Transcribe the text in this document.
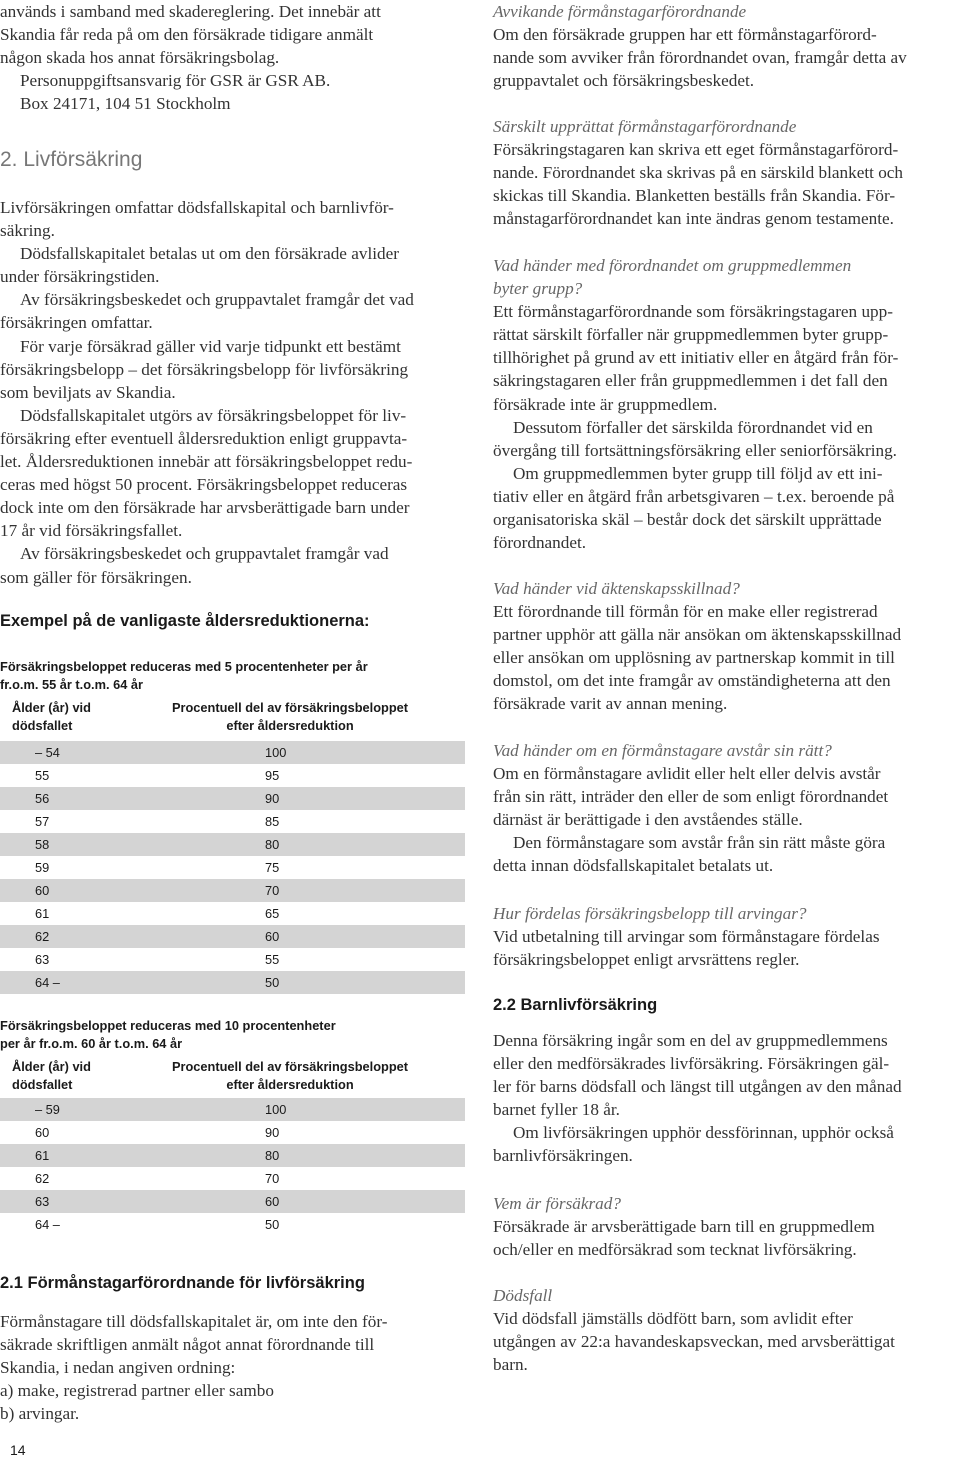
används i samband med skadereglering. Det innebär att
Skandia får reda på om den försäkrade tidigare anmält
någon skada hos annat försäkringsbolag.
Personuppgiftsansvarig för GSR är GSR AB.
Box 24171, 104 51 Stockholm
2. Livförsäkring
Livförsäkringen omfattar dödsfallskapital och barnlivför-
säkring.
Dödsfallskapitalet betalas ut om den försäkrade avlider
under försäkringstiden.
Av försäkringsbeskedet och gruppavtalet framgår det vad
försäkringen omfattar.
För varje försäkrad gäller vid varje tidpunkt ett bestämt
försäkringsbelopp – det försäkringsbelopp för livförsäkring
som beviljats av Skandia.
Dödsfallskapitalet utgörs av försäkringsbeloppet för liv-
försäkring efter eventuell åldersreduktion enligt gruppavta-
let. Åldersreduktionen innebär att försäkringsbeloppet redu-
ceras med högst 50 procent. Försäkringsbeloppet reduceras
dock inte om den försäkrade har arvsberättigade barn under
17 år vid försäkringsfallet.
Av försäkringsbeskedet och gruppavtalet framgår vad
som gäller för försäkringen.
Exempel på de vanligaste åldersreduktionerna:
Försäkringsbeloppet reduceras med 5 procentenheter per år
fr.o.m. 55 år t.o.m. 64 år
Ålder (år) vid
dödsfallet
Procentuell del av försäkringsbeloppet
efter åldersreduktion
– 54	100
55	95
56	90
57	85
58	80
59	75
60	70
61	65
62	60
63	55
64 –	50
Försäkringsbeloppet reduceras med 10 procentenheter
per år fr.o.m. 60 år t.o.m. 64 år
Ålder (år) vid
dödsfallet
Procentuell del av försäkringsbeloppet
efter åldersreduktion
– 59	100
60	90
61	80
62	70
63	60
64 –	50
2.1 Förmånstagarförordnande för livförsäkring
Förmånstagare till dödsfallskapitalet är, om inte den för-
säkrade skriftligen anmält något annat förordnande till
Skandia, i nedan angiven ordning:
a) make, registrerad partner eller sambo
b) arvingar.
Avvikande förmånstagarförordnande
Om den försäkrade gruppen har ett förmånstagarförord-
nande som avviker från förordnandet ovan, framgår detta av
gruppavtalet och försäkringsbeskedet.
Särskilt upprättat förmånstagarförordnande
Försäkringstagaren kan skriva ett eget förmånstagarförord-
nande. Förordnandet ska skrivas på en särskild blankett och
skickas till Skandia. Blanketten beställs från Skandia. För-
månstagarförordnandet kan inte ändras genom testamente.
Vad händer med förordnandet om gruppmedlemmen
byter grupp?
Ett förmånstagarförordnande som försäkringstagaren upp-
rättat särskilt förfaller när gruppmedlemmen byter grupp-
tillhörighet på grund av ett initiativ eller en åtgärd från för-
säkringstagaren eller från gruppmedlemmen i det fall den
försäkrade inte är gruppmedlem.
Dessutom förfaller det särskilda förordnandet vid en
övergång till fortsättningsförsäkring eller seniorförsäkring.
Om gruppmedlemmen byter grupp till följd av ett ini-
tiativ eller en åtgärd från arbetsgivaren – t.ex. beroende på
organisatoriska skäl – består dock det särskilt upprättade
förordnandet.
Vad händer vid äktenskapsskillnad?
Ett förordnande till förmån för en make eller registrerad
partner upphör att gälla när ansökan om äktenskapsskillnad
eller ansökan om upplösning av partnerskap kommit in till
domstol, om det inte framgår av omständigheterna att den
försäkrade varit av annan mening.
Vad händer om en förmånstagare avstår sin rätt?
Om en förmånstagare avlidit eller helt eller delvis avstår
från sin rätt, inträder den eller de som enligt förordnandet
därnäst är berättigade i den avståendes ställe.
Den förmånstagare som avstår från sin rätt måste göra
detta innan dödsfallskapitalet betalats ut.
Hur fördelas försäkringsbelopp till arvingar?
Vid utbetalning till arvingar som förmånstagare fördelas
försäkringsbeloppet enligt arvsrättens regler.
2.2 Barnlivförsäkring
Denna försäkring ingår som en del av gruppmedlemmens
eller den medförsäkrades livförsäkring. Försäkringen gäl-
ler för barns dödsfall och längst till utgången av den månad
barnet fyller 18 år.
Om livförsäkringen upphör dessförinnan, upphör också
barnlivförsäkringen.
Vem är försäkrad?
Försäkrade är arvsberättigade barn till en gruppmedlem
och/eller en medförsäkrad som tecknat livförsäkring.
Dödsfall
Vid dödsfall jämställs dödfött barn, som avlidit efter
utgången av 22:a havandeskapsveckan, med arvsberättigat
barn.
14
